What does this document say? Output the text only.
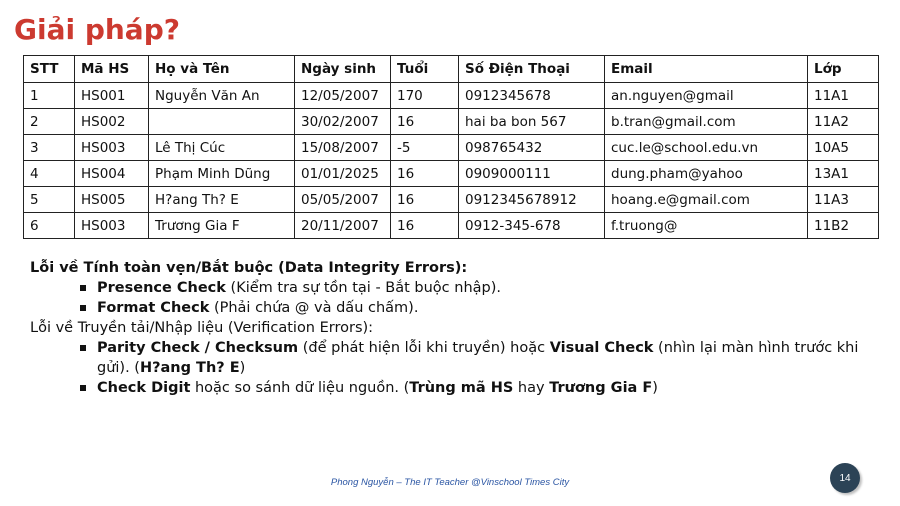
Giải pháp?
STT	Mã HS	Họ và Tên	Ngày sinh	Tuổi	Số Điện Thoại	Email	Lớp
1	HS001	Nguyễn Văn An	12/05/2007	170	0912345678	an.nguyen@gmail	11A1
2	HS002		30/02/2007	16	hai ba bon 567	b.tran@gmail.com	11A2
3	HS003	Lê Thị Cúc	15/08/2007	-5	098765432	cuc.le@school.edu.vn	10A5
4	HS004	Phạm Minh Dũng	01/01/2025	16	0909000111	dung.pham@yahoo	13A1
5	HS005	H?ang Th? E	05/05/2007	16	0912345678912	hoang.e@gmail.com	11A3
6	HS003	Trương Gia F	20/11/2007	16	0912-345-678	f.truong@	11B2

Lỗi về Tính toàn vẹn/Bắt buộc (Data Integrity Errors):

Presence Check (Kiểm tra sự tồn tại - Bắt buộc nhập).
Format Check (Phải chứa @ và dấu chấm).

Lỗi về Truyền tải/Nhập liệu (Verification Errors):

Parity Check / Checksum (để phát hiện lỗi khi truyền) hoặc Visual Check (nhìn lại màn hình trước khi gửi). (H?ang Th? E)
Check Digit hoặc so sánh dữ liệu nguồn. (Trùng mã HS hay Trương Gia F)
Phong Nguyễn – The IT Teacher @Vinschool Times City	14
